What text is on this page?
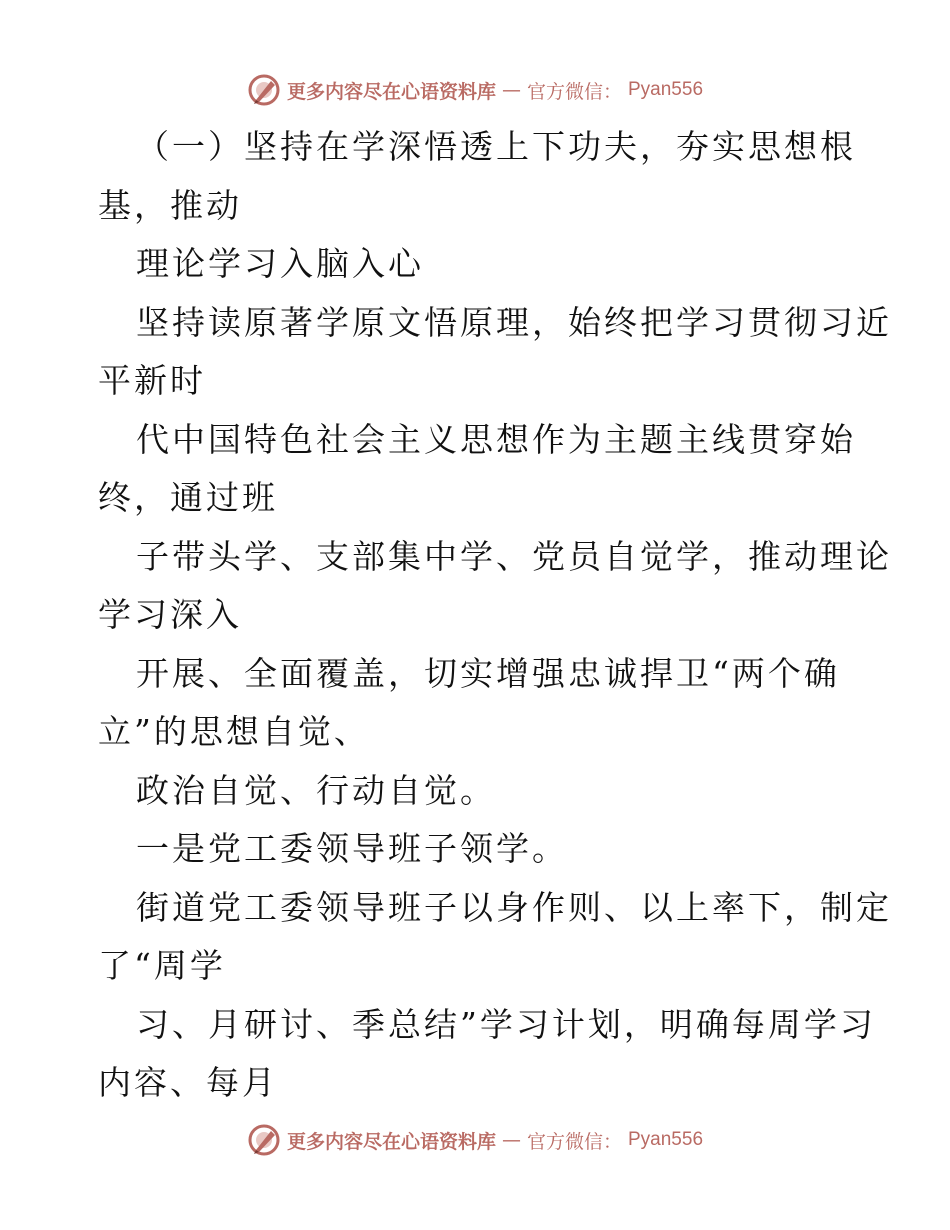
更多内容尽在心语资料库 — 官方微信： Pyan556
（一）坚持在学深悟透上下功夫，夯实思想根
基，推动
理论学习入脑入心
坚持读原著学原文悟原理，始终把学习贯彻习近
平新时
代中国特色社会主义思想作为主题主线贯穿始
终，通过班
子带头学、支部集中学、党员自觉学，推动理论
学习深入
开展、全面覆盖，切实增强忠诚捍卫“两个确
立”的思想自觉、
政治自觉、行动自觉。
一是党工委领导班子领学。
街道党工委领导班子以身作则、以上率下，制定
了“周学
习、月研讨、季总结”学习计划，明确每周学习
内容、每月
更多内容尽在心语资料库 — 官方微信： Pyan556
